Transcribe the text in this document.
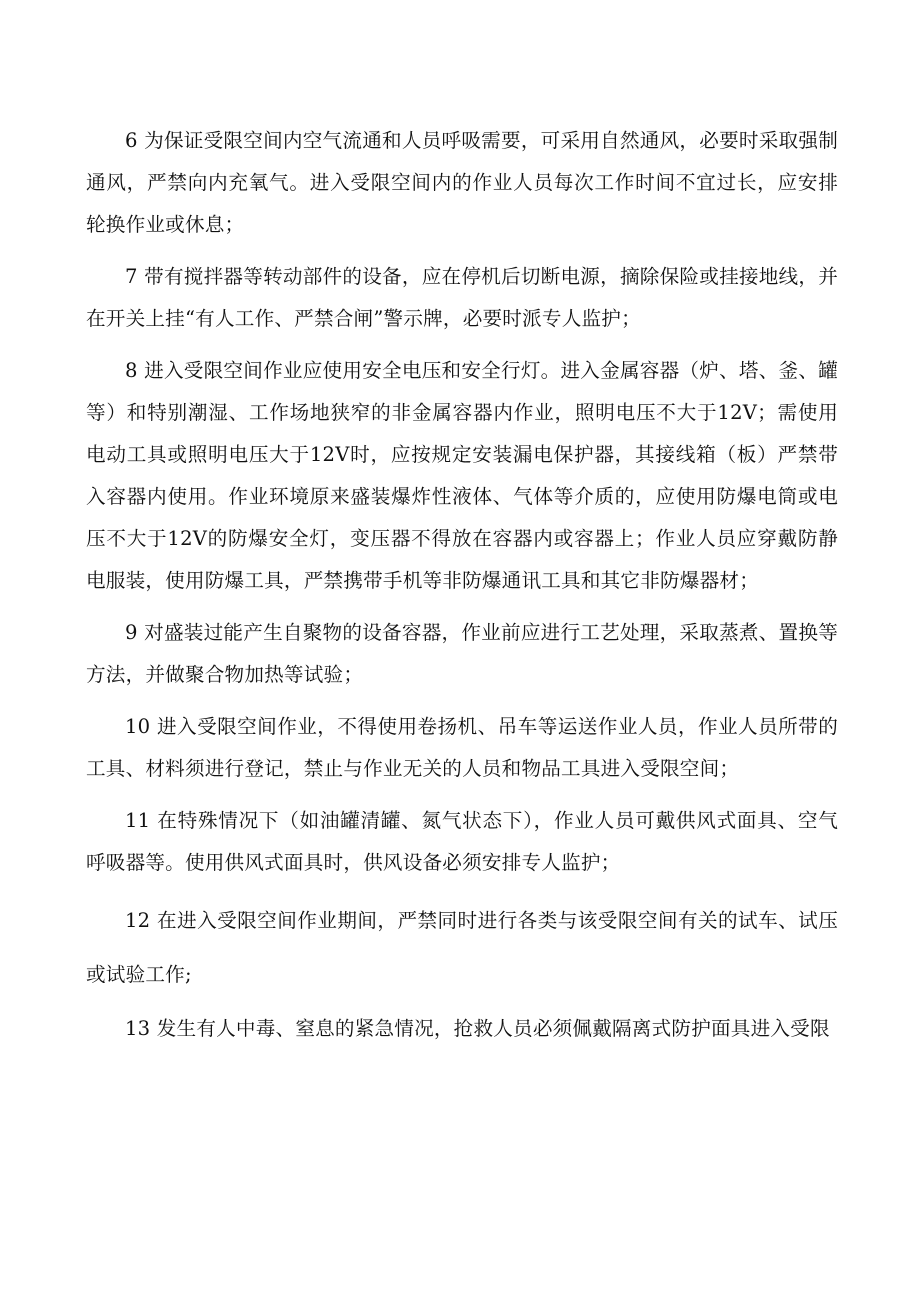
6 为保证受限空间内空气流通和人员呼吸需要，可采用自然通风，必要时采取强制通风，严禁向内充氧气。进入受限空间内的作业人员每次工作时间不宜过长，应安排轮换作业或休息；

7 带有搅拌器等转动部件的设备，应在停机后切断电源，摘除保险或挂接地线，并在开关上挂“有人工作、严禁合闸”警示牌，必要时派专人监护；

8 进入受限空间作业应使用安全电压和安全行灯。进入金属容器（炉、塔、釜、罐等）和特别潮湿、工作场地狭窄的非金属容器内作业，照明电压不大于12V；需使用电动工具或照明电压大于12V时，应按规定安装漏电保护器，其接线箱（板）严禁带入容器内使用。作业环境原来盛装爆炸性液体、气体等介质的，应使用防爆电筒或电压不大于12V的防爆安全灯，变压器不得放在容器内或容器上；作业人员应穿戴防静电服装，使用防爆工具，严禁携带手机等非防爆通讯工具和其它非防爆器材；

9 对盛装过能产生自聚物的设备容器，作业前应进行工艺处理，采取蒸煮、置换等方法，并做聚合物加热等试验；

10 进入受限空间作业，不得使用卷扬机、吊车等运送作业人员，作业人员所带的工具、材料须进行登记，禁止与作业无关的人员和物品工具进入受限空间；

11 在特殊情况下（如油罐清罐、氮气状态下），作业人员可戴供风式面具、空气呼吸器等。使用供风式面具时，供风设备必须安排专人监护；

12 在进入受限空间作业期间，严禁同时进行各类与该受限空间有关的试车、试压或试验工作;

13 发生有人中毒、窒息的紧急情况，抢救人员必须佩戴隔离式防护面具进入受限
